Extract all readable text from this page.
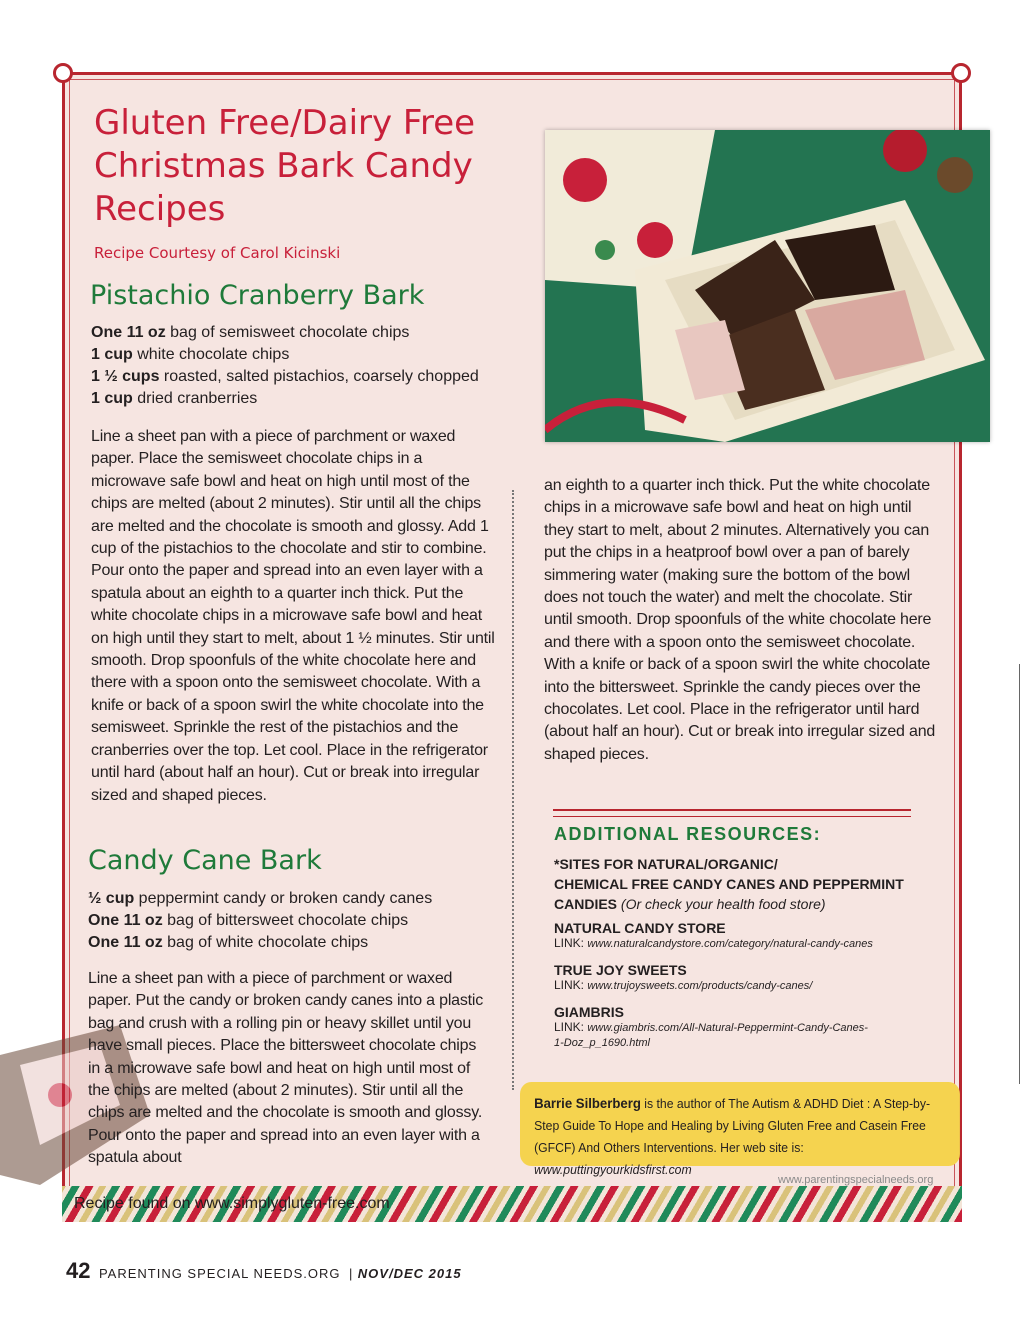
Gluten Free/Dairy Free Christmas Bark Candy Recipes
Recipe Courtesy of Carol Kicinski
Pistachio Cranberry Bark
One 11 oz bag of semisweet chocolate chips
1 cup white chocolate chips
1 ½ cups roasted, salted pistachios, coarsely chopped
1 cup dried cranberries

Line a sheet pan with a piece of parchment or waxed paper. Place the semisweet chocolate chips in a microwave safe bowl and heat on high until most of the chips are melted (about 2 minutes). Stir until all the chips are melted and the chocolate is smooth and glossy. Add 1 cup of the pistachios to the chocolate and stir to combine. Pour onto the paper and spread into an even layer with a spatula about an eighth to a quarter inch thick. Put the white chocolate chips in a microwave safe bowl and heat on high until they start to melt, about 1 ½ minutes. Stir until smooth. Drop spoonfuls of the white chocolate here and there with a spoon onto the semisweet chocolate. With a knife or back of a spoon swirl the white chocolate into the semisweet. Sprinkle the rest of the pistachios and the cranberries over the top. Let cool. Place in the refrigerator until hard (about half an hour). Cut or break into irregular sized and shaped pieces.

an eighth to a quarter inch thick. Put the white chocolate chips in a microwave safe bowl and heat on high until they start to melt, about 2 minutes. Alternatively you can put the chips in a heatproof bowl over a pan of barely simmering water (making sure the bottom of the bowl does not touch the water) and melt the chocolate. Stir until smooth. Drop spoonfuls of the white chocolate here and there with a spoon onto the semisweet chocolate. With a knife or back of a spoon swirl the white chocolate into the bittersweet. Sprinkle the candy pieces over the chocolates. Let cool. Place in the refrigerator until hard (about half an hour). Cut or break into irregular sized and shaped pieces.

ADDITIONAL RESOURCES:
*SITES FOR NATURAL/ORGANIC/
CHEMICAL FREE CANDY CANES AND PEPPERMINT
CANDIES (Or check your health food store)
NATURAL CANDY STORE
LINK: www.naturalcandystore.com/category/natural-candy-canes
TRUE JOY SWEETS
LINK: www.trujoysweets.com/products/candy-canes/
GIAMBRIS
LINK: www.giambris.com/All-Natural-Peppermint-Candy-Canes-1-Doz_p_1690.html
Barrie Silberberg is the author of The Autism & ADHD Diet : A Step-by-Step Guide To Hope and Healing by Living Gluten Free and Casein Free (GFCF) And Others Interventions. Her web site is: www.puttingyourkidsfirst.com
Candy Cane Bark
½ cup peppermint candy or broken candy canes
One 11 oz bag of bittersweet chocolate chips
One 11 oz bag of white chocolate chips

Line a sheet pan with a piece of parchment or waxed paper. Put the candy or broken candy canes into a plastic bag and crush with a rolling pin or heavy skillet until you have small pieces. Place the bittersweet chocolate chips in a microwave safe bowl and heat on high until most of the chips are melted (about 2 minutes). Stir until all the chips are melted and the chocolate is smooth and glossy. Pour onto the paper and spread into an even layer with a spatula about

www.parentingspecialneeds.org
Recipe found on www.simplygluten-free.com
42 PARENTING SPECIAL NEEDS.ORG | NOV/DEC 2015
